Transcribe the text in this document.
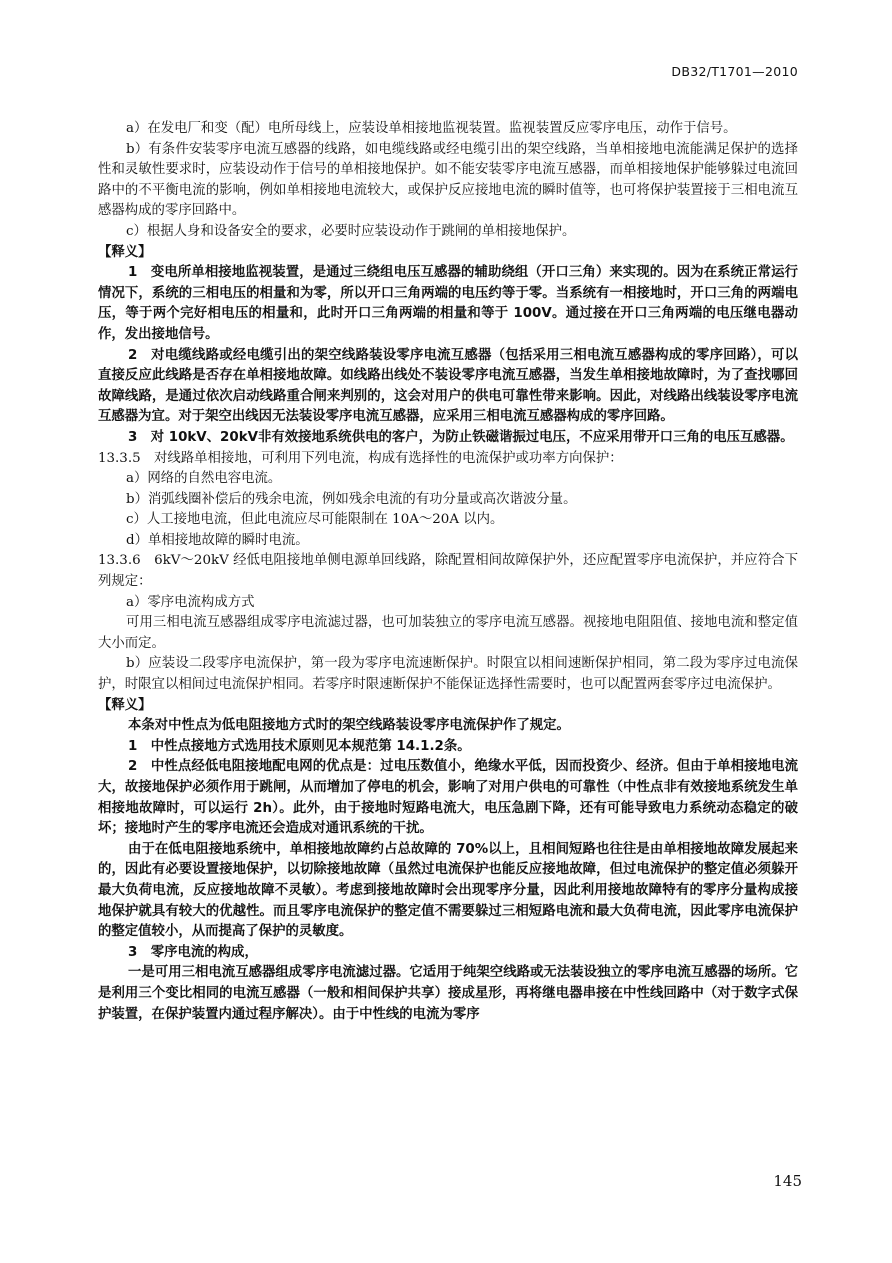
DB32/T1701—2010

a）在发电厂和变（配）电所母线上，应装设单相接地监视装置。监视装置反应零序电压，动作于信号。

b）有条件安装零序电流互感器的线路，如电缆线路或经电缆引出的架空线路，当单相接地电流能满足保护的选择性和灵敏性要求时，应装设动作于信号的单相接地保护。如不能安装零序电流互感器，而单相接地保护能够躲过电流回路中的不平衡电流的影响，例如单相接地电流较大，或保护反应接地电流的瞬时值等，也可将保护装置接于三相电流互感器构成的零序回路中。

c）根据人身和设备安全的要求，必要时应装设动作于跳闸的单相接地保护。

【释义】

1　变电所单相接地监视装置，是通过三绕组电压互感器的辅助绕组（开口三角）来实现的。因为在系统正常运行情况下，系统的三相电压的相量和为零，所以开口三角两端的电压约等于零。当系统有一相接地时，开口三角的两端电压，等于两个完好相电压的相量和，此时开口三角两端的相量和等于 100V。通过接在开口三角两端的电压继电器动作，发出接地信号。

2　对电缆线路或经电缆引出的架空线路装设零序电流互感器（包括采用三相电流互感器构成的零序回路），可以直接反应此线路是否存在单相接地故障。如线路出线处不装设零序电流互感器，当发生单相接地故障时，为了查找哪回故障线路，是通过依次启动线路重合闸来判别的，这会对用户的供电可靠性带来影响。因此，对线路出线装设零序电流互感器为宜。对于架空出线因无法装设零序电流互感器，应采用三相电流互感器构成的零序回路。

3　对 10kV、20kV非有效接地系统供电的客户，为防止铁磁谐振过电压，不应采用带开口三角的电压互感器。

13.3.5　对线路单相接地，可利用下列电流，构成有选择性的电流保护或功率方向保护：

a）网络的自然电容电流。

b）消弧线圈补偿后的残余电流，例如残余电流的有功分量或高次谐波分量。

c）人工接地电流，但此电流应尽可能限制在 10A～20A 以内。

d）单相接地故障的瞬时电流。

13.3.6　6kV～20kV 经低电阻接地单侧电源单回线路，除配置相间故障保护外，还应配置零序电流保护，并应符合下列规定：

a）零序电流构成方式

可用三相电流互感器组成零序电流滤过器，也可加装独立的零序电流互感器。视接地电阻阻值、接地电流和整定值大小而定。

b）应装设二段零序电流保护，第一段为零序电流速断保护。时限宜以相间速断保护相同，第二段为零序过电流保护，时限宜以相间过电流保护相同。若零序时限速断保护不能保证选择性需要时，也可以配置两套零序过电流保护。

【释义】

本条对中性点为低电阻接地方式时的架空线路装设零序电流保护作了规定。

1　中性点接地方式选用技术原则见本规范第 14.1.2条。

2　中性点经低电阻接地配电网的优点是：过电压数值小，绝缘水平低，因而投资少、经济。但由于单相接地电流大，故接地保护必须作用于跳闸，从而增加了停电的机会，影响了对用户供电的可靠性（中性点非有效接地系统发生单相接地故障时，可以运行 2h）。此外，由于接地时短路电流大，电压急剧下降，还有可能导致电力系统动态稳定的破坏；接地时产生的零序电流还会造成对通讯系统的干扰。

由于在低电阻接地系统中，单相接地故障约占总故障的 70%以上，且相间短路也往往是由单相接地故障发展起来的，因此有必要设置接地保护，以切除接地故障（虽然过电流保护也能反应接地故障，但过电流保护的整定值必须躲开最大负荷电流，反应接地故障不灵敏）。考虑到接地故障时会出现零序分量，因此利用接地故障特有的零序分量构成接地保护就具有较大的优越性。而且零序电流保护的整定值不需要躲过三相短路电流和最大负荷电流，因此零序电流保护的整定值较小，从而提高了保护的灵敏度。

3　零序电流的构成，

一是可用三相电流互感器组成零序电流滤过器。它适用于纯架空线路或无法装设独立的零序电流互感器的场所。它是利用三个变比相同的电流互感器（一般和相间保护共享）接成星形，再将继电器串接在中性线回路中（对于数字式保护装置，在保护装置内通过程序解决）。由于中性线的电流为零序

145
